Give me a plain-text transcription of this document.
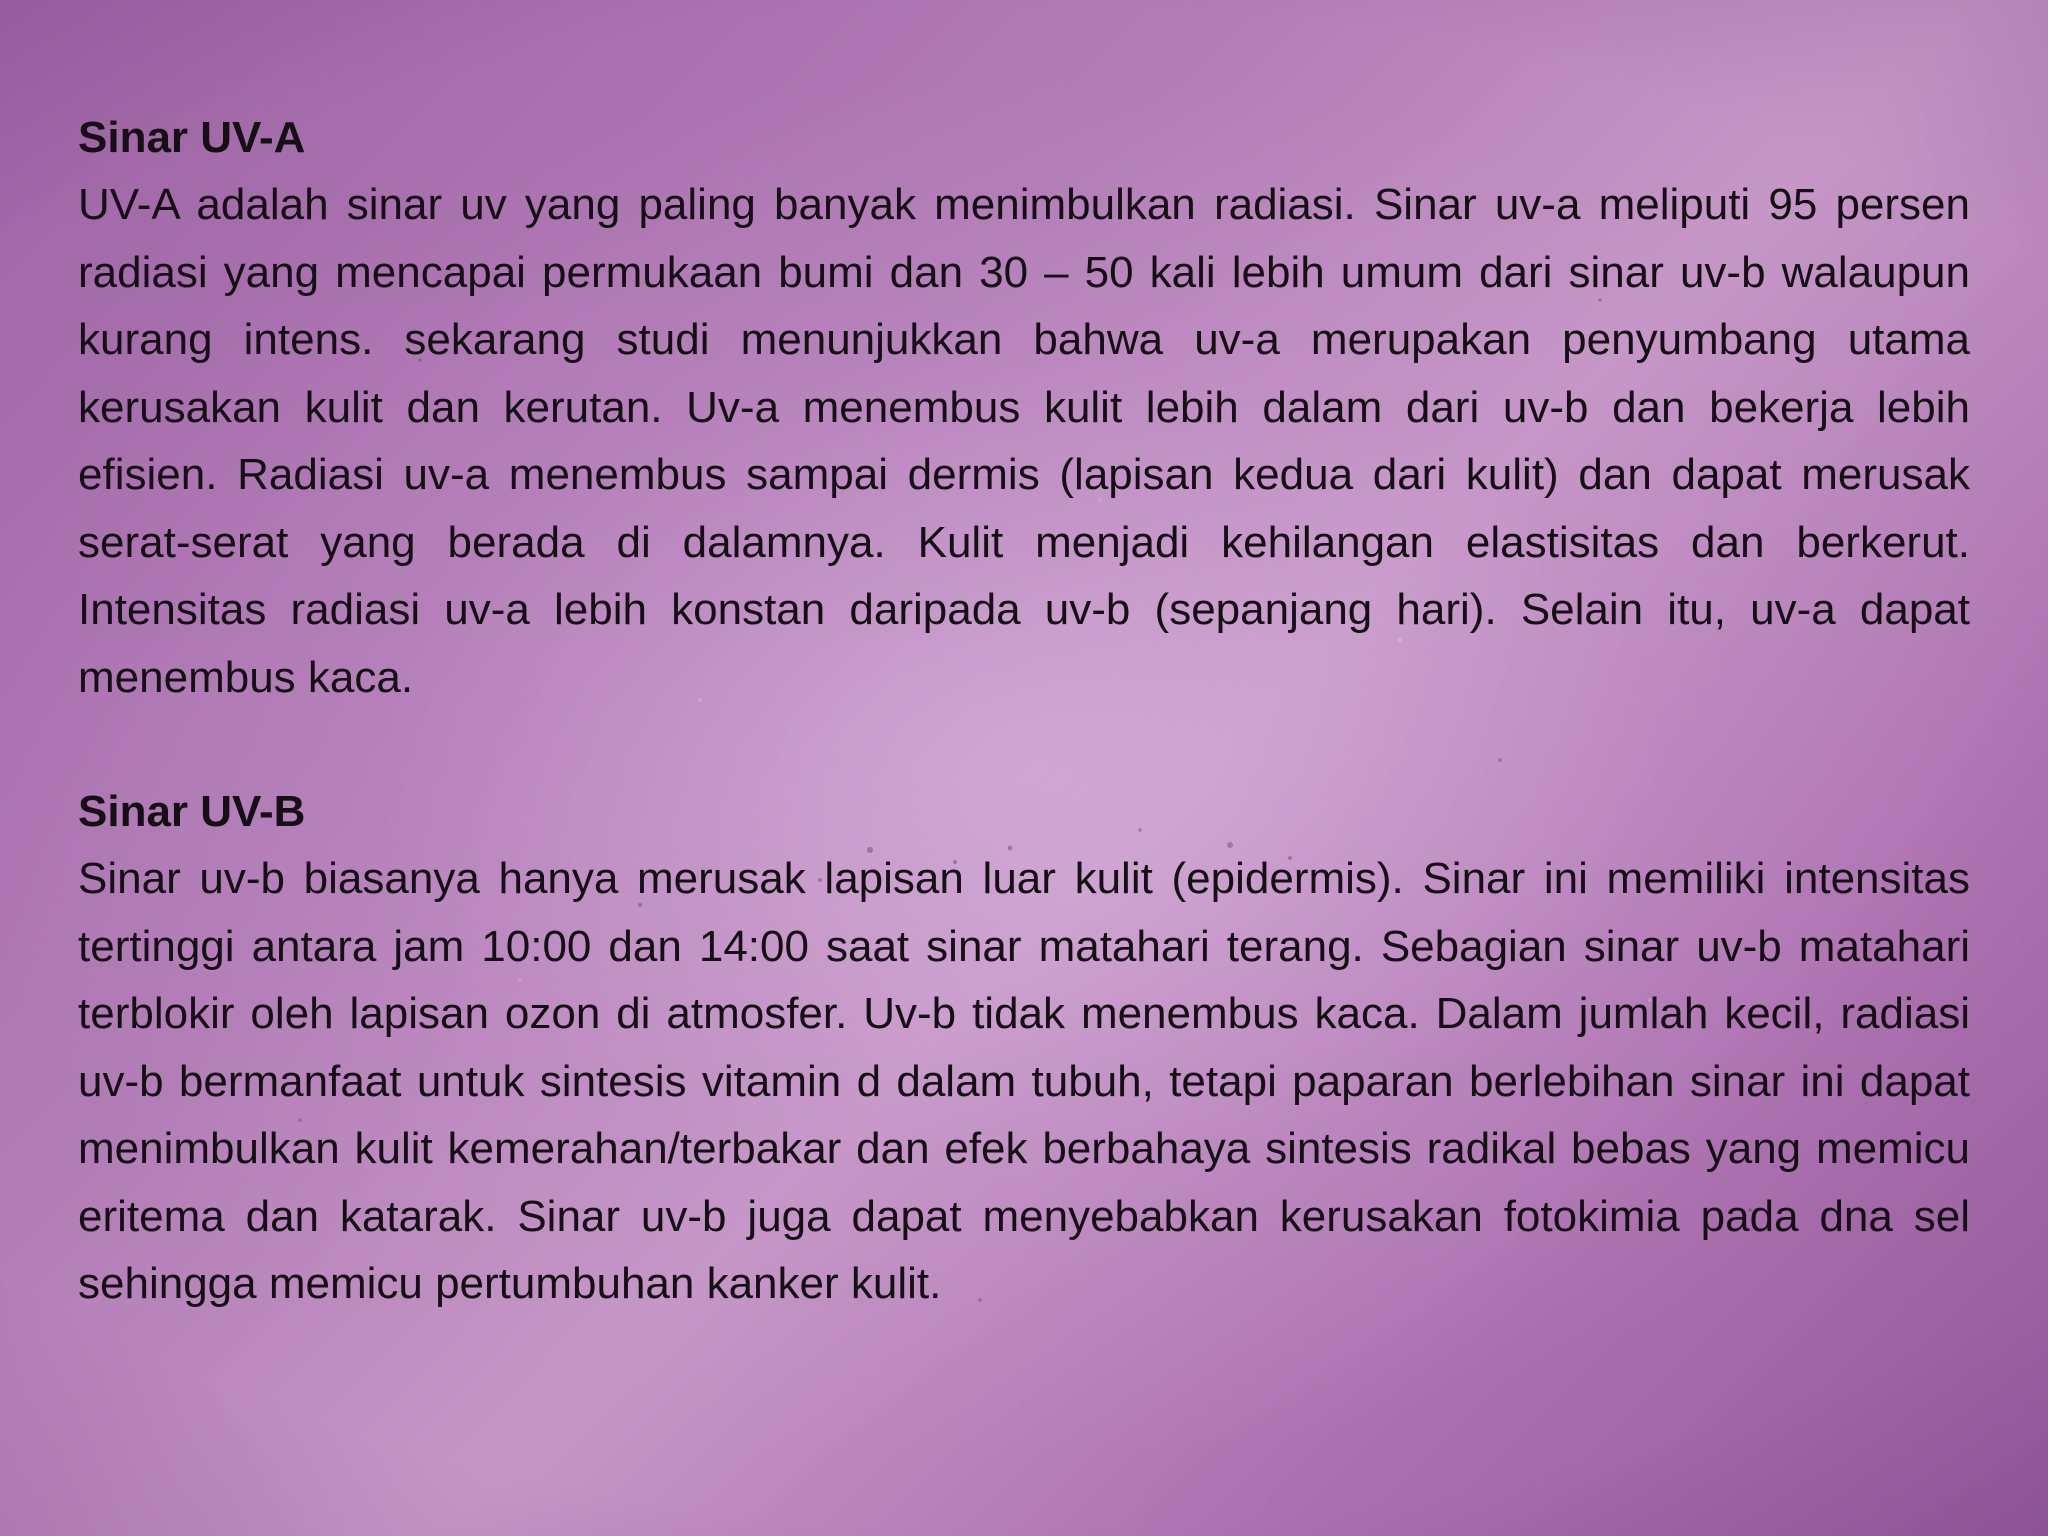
Sinar UV-A

UV-A adalah sinar uv yang paling banyak menimbulkan radiasi. Sinar uv-a meliputi 95 persen radiasi yang mencapai permukaan bumi dan 30 – 50 kali lebih umum dari sinar uv-b walaupun kurang intens. sekarang studi menunjukkan bahwa uv-a merupakan penyumbang utama kerusakan kulit dan kerutan. Uv-a menembus kulit lebih dalam dari uv-b dan bekerja lebih efisien. Radiasi uv-a menembus sampai dermis (lapisan kedua dari kulit) dan dapat merusak serat-serat yang berada di dalamnya. Kulit menjadi kehilangan elastisitas dan berkerut. Intensitas radiasi uv-a lebih konstan daripada uv-b (sepanjang hari). Selain itu, uv-a dapat menembus kaca.

Sinar UV-B

Sinar uv-b biasanya hanya merusak lapisan luar kulit (epidermis). Sinar ini memiliki intensitas tertinggi antara jam 10:00 dan 14:00 saat sinar matahari terang. Sebagian sinar uv-b matahari terblokir oleh lapisan ozon di atmosfer. Uv-b tidak menembus kaca. Dalam jumlah kecil, radiasi uv-b bermanfaat untuk sintesis vitamin d dalam tubuh, tetapi paparan berlebihan sinar ini dapat menimbulkan kulit kemerahan/terbakar dan efek berbahaya sintesis radikal bebas yang memicu eritema dan katarak. Sinar uv-b juga dapat menyebabkan kerusakan fotokimia pada dna sel sehingga memicu pertumbuhan kanker kulit.
